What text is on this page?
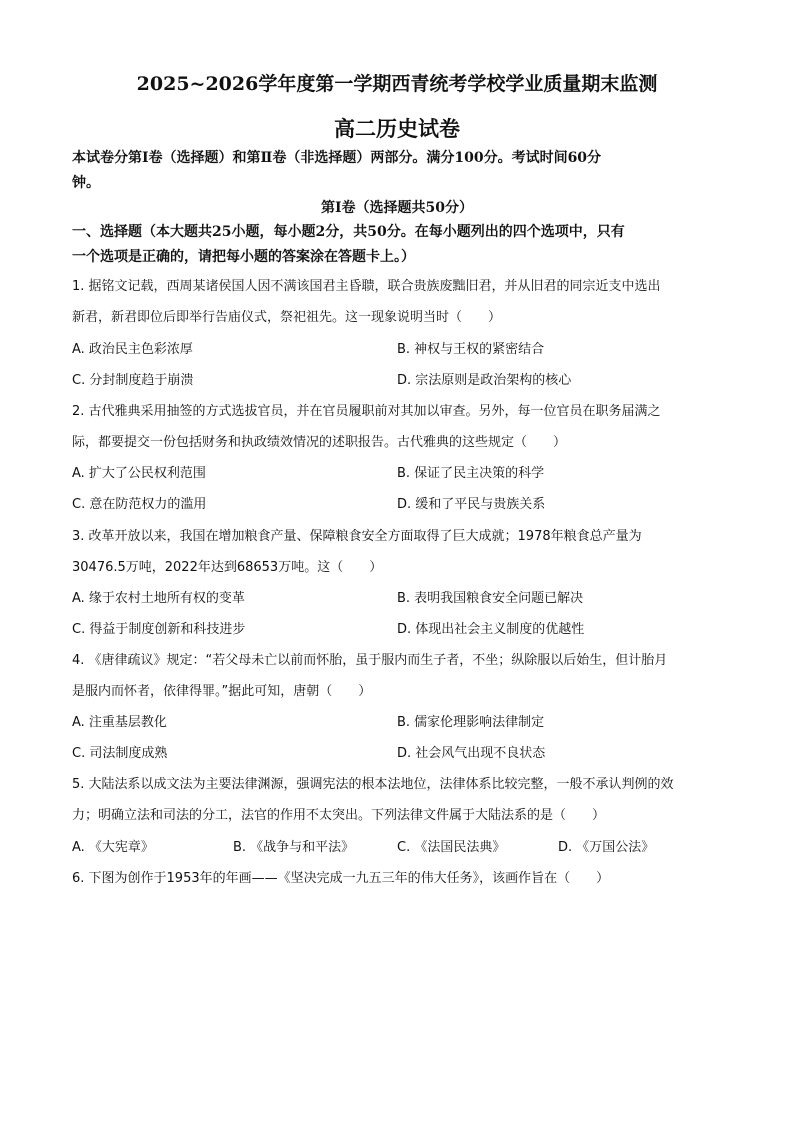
2025~2026学年度第一学期西青统考学校学业质量期末监测
高二历史试卷
本试卷分第Ⅰ卷（选择题）和第Ⅱ卷（非选择题）两部分。满分100分。考试时间60分
钟。
第Ⅰ卷（选择题共50分）
一、选择题（本大题共25小题，每小题2分，共50分。在每小题列出的四个选项中，只有
一个选项是正确的，请把每小题的答案涂在答题卡上。）
1. 据铭文记载，西周某诸侯国人因不满该国君主昏聩，联合贵族废黜旧君，并从旧君的同宗近支中选出
新君，新君即位后即举行告庙仪式，祭祀祖先。这一现象说明当时（　　）
A. 政治民主色彩浓厚	B. 神权与王权的紧密结合
C. 分封制度趋于崩溃	D. 宗法原则是政治架构的核心
2. 古代雅典采用抽签的方式选拔官员，并在官员履职前对其加以审查。另外，每一位官员在职务届满之
际，都要提交一份包括财务和执政绩效情况的述职报告。古代雅典的这些规定（　　）
A. 扩大了公民权利范围	B. 保证了民主决策的科学
C. 意在防范权力的滥用	D. 缓和了平民与贵族关系
3. 改革开放以来，我国在增加粮食产量、保障粮食安全方面取得了巨大成就；1978年粮食总产量为
30476.5万吨，2022年达到68653万吨。这（　　）
A. 缘于农村土地所有权的变革	B. 表明我国粮食安全问题已解决
C. 得益于制度创新和科技进步	D. 体现出社会主义制度的优越性
4. 《唐律疏议》规定：“若父母未亡以前而怀胎，虽于服内而生子者，不坐；纵除服以后始生，但计胎月
是服内而怀者，依律得罪。”据此可知，唐朝（　　）
A. 注重基层教化	B. 儒家伦理影响法律制定
C. 司法制度成熟	D. 社会风气出现不良状态
5. 大陆法系以成文法为主要法律渊源，强调宪法的根本法地位，法律体系比较完整，一般不承认判例的效
力；明确立法和司法的分工，法官的作用不太突出。下列法律文件属于大陆法系的是（　　）
A. 《大宪章》	B. 《战争与和平法》	C. 《法国民法典》	D. 《万国公法》
6. 下图为创作于1953年的年画——《坚决完成一九五三年的伟大任务》，该画作旨在（　　）
